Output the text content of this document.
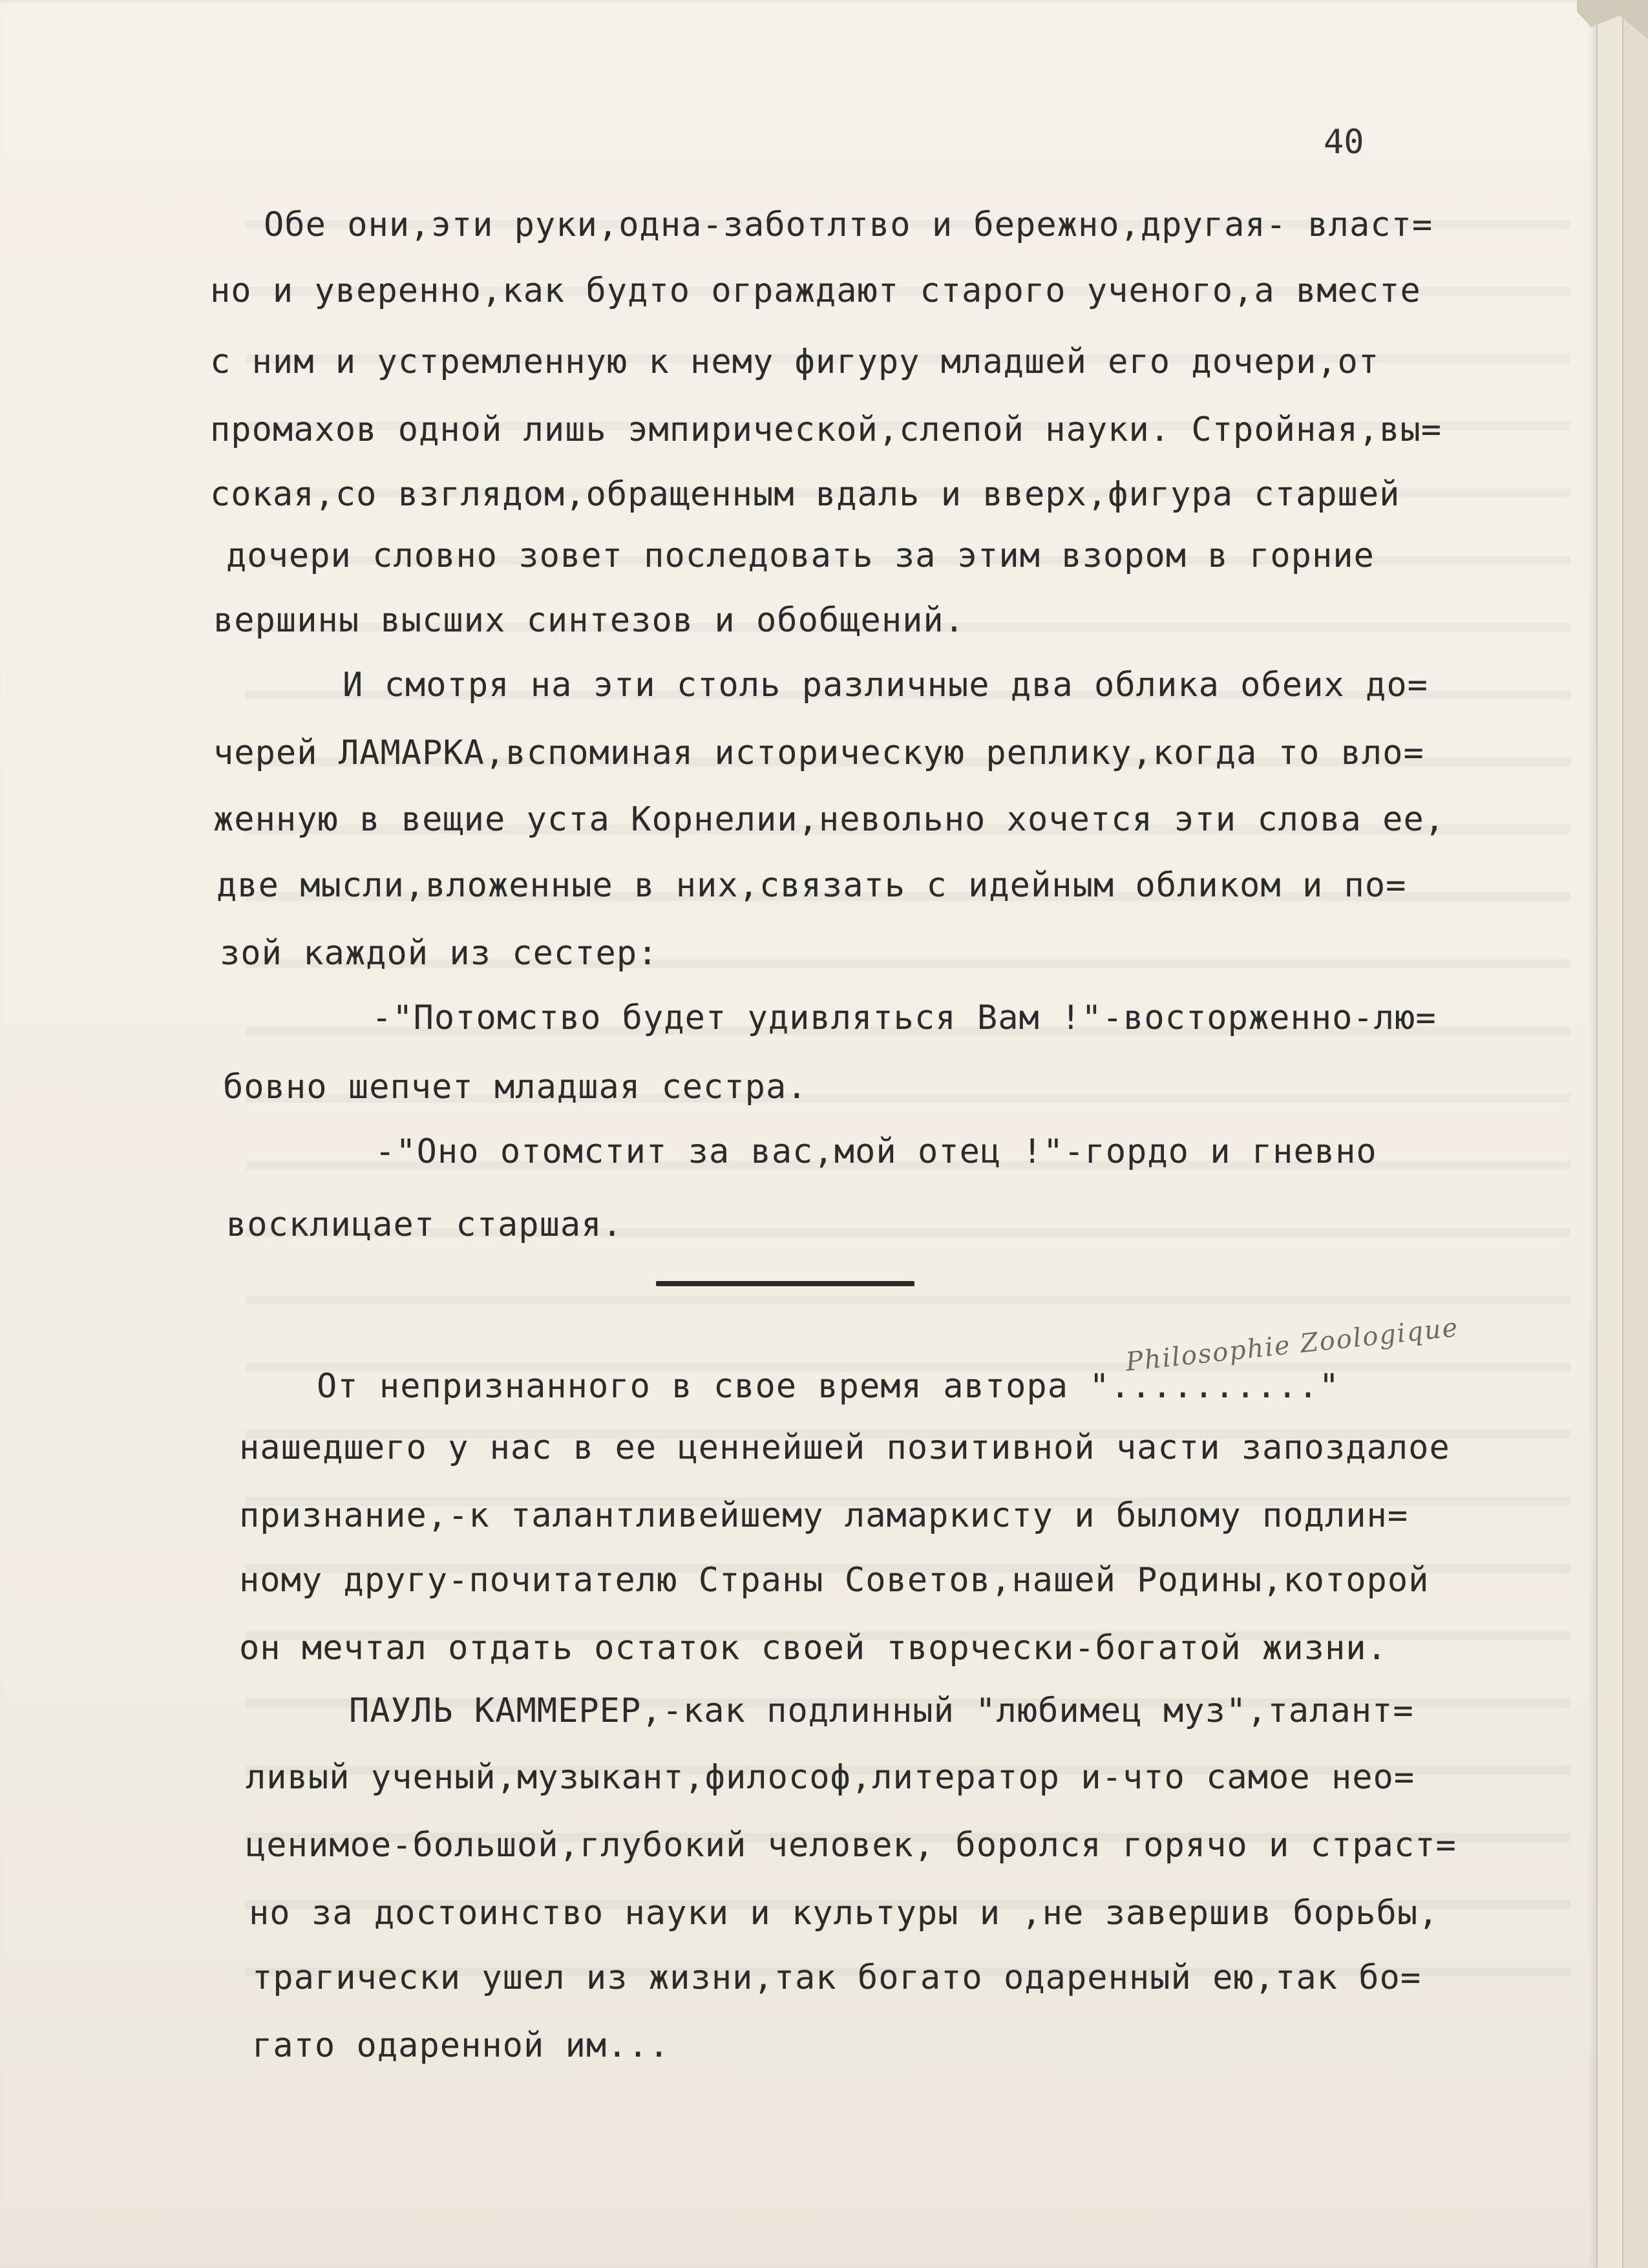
40
Обе они,эти руки,одна-заботлтво и бережно,другая- власт=
но и уверенно,как будто ограждают старого ученого,а вместе
с ним и устремленную к нему фигуру младшей его дочери,от
промахов одной лишь эмпирической,слепой науки. Стройная,вы=
сокая,со взглядом,обращенным вдаль и вверх,фигура старшей
дочери словно зовет последовать за этим взором в горние
вершины высших синтезов и обобщений.
И смотря на эти столь различные два облика обеих до=
черей ЛАМАРКА,вспоминая историческую реплику,когда то вло=
женную в вещие уста Корнелии,невольно хочется эти слова ее,
две мысли,вложенные в них,связать с идейным обликом и по=
зой каждой из сестер:
-"Потомство будет удивляться Вам !"-восторженно-лю=
бовно шепчет младшая сестра.
-"Оно отомстит за вас,мой отец !"-гордо и гневно
восклицает старшая.
От непризнанного в свое время автора ".........."
Philosophie Zoologique
нашедшего у нас в ее ценнейшей позитивной части запоздалое
признание,-к талантливейшему ламаркисту и былому подлин=
ному другу-почитателю Страны Советов,нашей Родины,которой
он мечтал отдать остаток своей творчески-богатой жизни.
ПАУЛЬ КАММЕРЕР,-как подлинный "любимец муз",талант=
ливый ученый,музыкант,философ,литератор и-что самое нео=
ценимое-большой,глубокий человек, боролся горячо и страст=
но за достоинство науки и культуры и ,не завершив борьбы,
трагически ушел из жизни,так богато одаренный ею,так бо=
гато одаренной им...
